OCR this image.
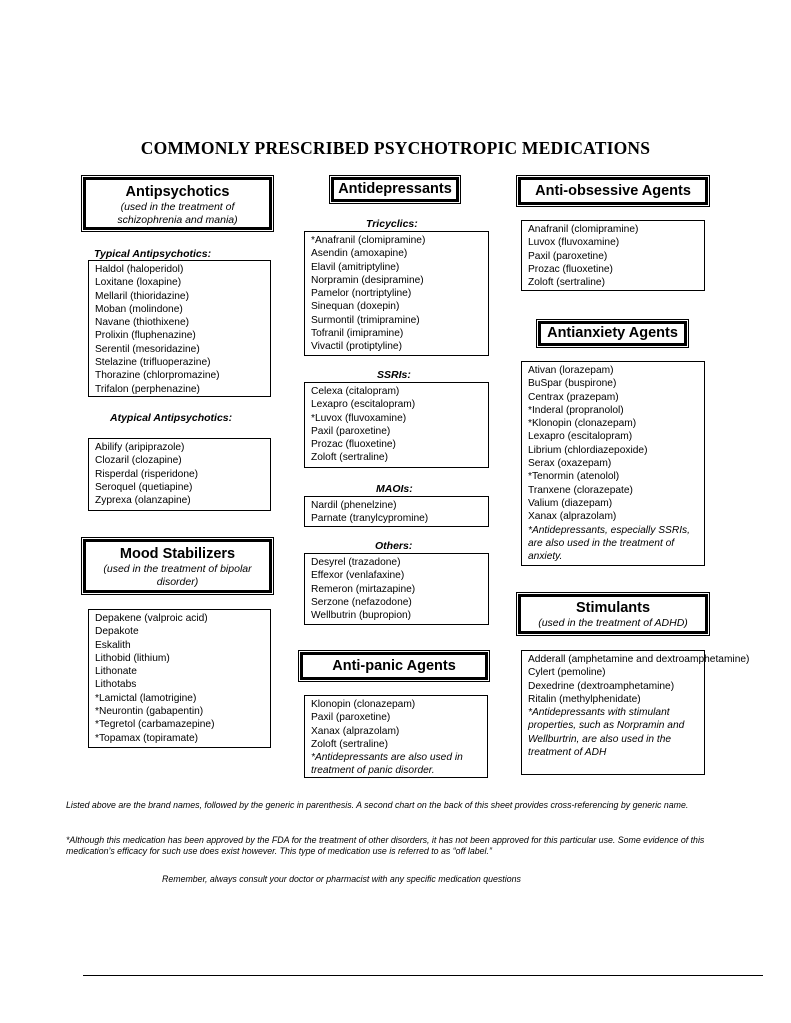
COMMONLY PRESCRIBED PSYCHOTROPIC MEDICATIONS
Antipsychotics
(used in the treatment of schizophrenia and mania)
Typical Antipsychotics:
Haldol (haloperidol)
Loxitane (loxapine)
Mellaril (thioridazine)
Moban (molindone)
Navane (thiothixene)
Prolixin (fluphenazine)
Serentil (mesoridazine)
Stelazine (trifluoperazine)
Thorazine (chlorpromazine)
Trifalon (perphenazine)
Atypical Antipsychotics:
Abilify (aripiprazole)
Clozaril (clozapine)
Risperdal (risperidone)
Seroquel (quetiapine)
Zyprexa (olanzapine)
Mood Stabilizers
(used in the treatment of bipolar disorder)
Depakene (valproic acid)
Depakote
Eskalith
Lithobid (lithium)
Lithonate
Lithotabs
*Lamictal (lamotrigine)
*Neurontin (gabapentin)
*Tegretol (carbamazepine)
*Topamax (topiramate)
Antidepressants
Tricyclics:
*Anafranil (clomipramine)
Asendin (amoxapine)
Elavil (amitriptyline)
Norpramin (desipramine)
Pamelor (nortriptyline)
Sinequan (doxepin)
Surmontil (trimipramine)
Tofranil (imipramine)
Vivactil (protiptyline)
SSRIs:
Celexa (citalopram)
Lexapro (escitalopram)
*Luvox (fluvoxamine)
Paxil (paroxetine)
Prozac (fluoxetine)
Zoloft (sertraline)
MAOIs:
Nardil (phenelzine)
Parnate (tranylcypromine)
Others:
Desyrel (trazadone)
Effexor (venlafaxine)
Remeron (mirtazapine)
Serzone (nefazodone)
Wellbutrin (bupropion)
Anti-panic Agents
Klonopin (clonazepam)
Paxil (paroxetine)
Xanax (alprazolam)
Zoloft (sertraline)
*Antidepressants are also used in treatment of panic disorder.
Anti-obsessive Agents
Anafranil (clomipramine)
Luvox (fluvoxamine)
Paxil (paroxetine)
Prozac (fluoxetine)
Zoloft (sertraline)
Antianxiety Agents
Ativan (lorazepam)
BuSpar (buspirone)
Centrax (prazepam)
*Inderal (propranolol)
*Klonopin (clonazepam)
Lexapro (escitalopram)
Librium (chlordiazepoxide)
Serax (oxazepam)
*Tenormin (atenolol)
Tranxene (clorazepate)
Valium (diazepam)
Xanax (alprazolam)
*Antidepressants, especially SSRIs, are also used in the treatment of anxiety.
Stimulants
(used in the treatment of ADHD)
Adderall (amphetamine and dextroamphetamine)
Cylert (pemoline)
Dexedrine (dextroamphetamine)
Ritalin (methylphenidate)
*Antidepressants with stimulant properties, such as Norpramin and Wellburtrin, are also used in the treatment of ADH
Listed above are the brand names, followed by the generic in parenthesis. A second chart on the back of this sheet provides cross-referencing by generic name.
*Although this medication has been approved by the FDA for the treatment of other disorders, it has not been approved for this particular use. Some evidence of this medication’s efficacy for such use does exist however. This type of medication use is referred to as “off label.”
Remember, always consult your doctor or pharmacist with any specific medication questions
